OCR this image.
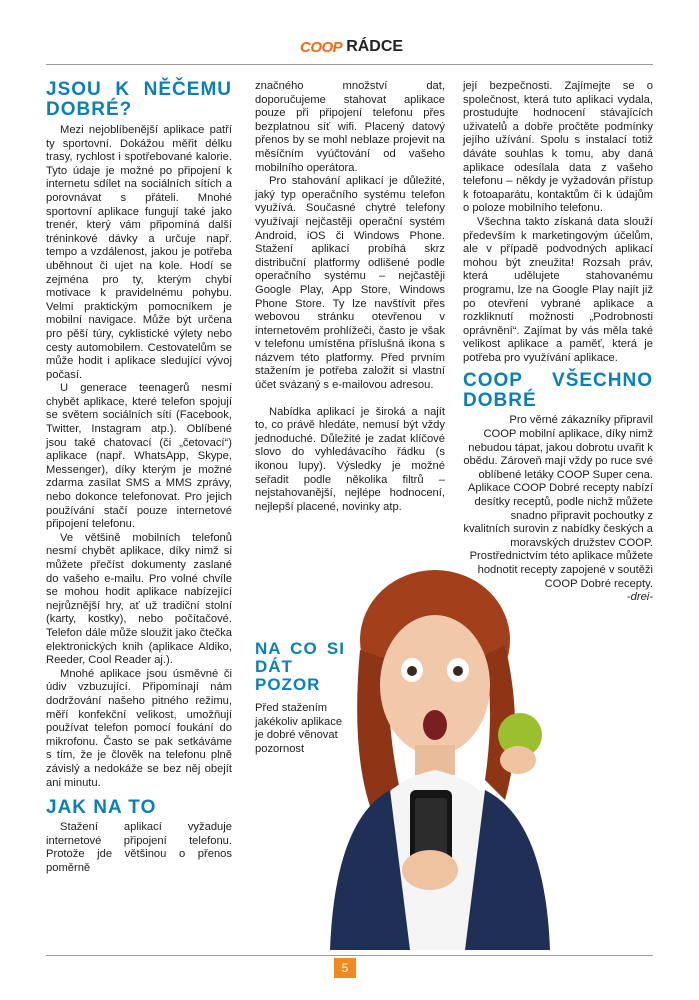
COOP RÁDCE
JSOU K NĚČEMU DOBRÉ?

Mezi nejoblíbenější aplikace patří ty sportovní. Dokážou měřit délku trasy, rychlost i spotřebované kalorie. Tyto údaje je možné po připojení k internetu sdílet na sociálních sítích a porovnávat s přáteli. Mnohé sportovní aplikace fungují také jako trenér, který vám připomíná další tréninkové dávky a určuje např. tempo a vzdálenost, jakou je potřeba uběhnout či ujet na kole. Hodí se zejména pro ty, kterým chybí motivace k pravidelnému pohybu. Velmi praktickým pomocníkem je mobilní navigace. Může být určena pro pěší túry, cyklistické výlety nebo cesty automobilem. Cestovatelům se může hodit i aplikace sledující vývoj počasí.

U generace teenagerů nesmí chybět aplikace, které telefon spojují se světem sociálních sítí (Facebook, Twitter, Instagram atp.). Oblíbené jsou také chatovací (či „četovací“) aplikace (např. WhatsApp, Skype, Messenger), díky kterým je možné zdarma zasílat SMS a MMS zprávy, nebo dokonce telefonovat. Pro jejich používání stačí pouze internetové připojení telefonu.

Ve většině mobilních telefonů nesmí chybět aplikace, díky nimž si můžete přečíst dokumenty zaslané do vašeho e-mailu. Pro volné chvíle se mohou hodit aplikace nabízející nejrůznější hry, ať už tradiční stolní (karty, kostky), nebo počítačové. Telefon dále může sloužit jako čtečka elektronických knih (aplikace Aldiko, Reeder, Cool Reader aj.).

Mnohé aplikace jsou úsměvné či údiv vzbuzující. Připomínají nám dodržování našeho pitného režimu, měří konfekční velikost, umožňují používat telefon pomocí foukání do mikrofonu. Často se pak setkáváme s tím, že je člověk na telefonu plně závislý a nedokáže se bez něj obejít ani minutu.

JAK NA TO

Stažení aplikací vyžaduje internetové připojení telefonu. Protože jde většinou o přenos poměrně

značného množství dat, doporučujeme stahovat aplikace pouze při připojení telefonu přes bezplatnou síť wifi. Placený datový přenos by se mohl neblaze projevit na měsíčním vyúčtování od vašeho mobilního operátora.

Pro stahování aplikací je důležité, jaký typ operačního systému telefon využívá. Současné chytré telefony využívají nejčastěji operační systém Android, iOS či Windows Phone. Stažení aplikací probíhá skrz distribuční platformy odlišené podle operačního systému – nejčastěji Google Play, App Store, Windows Phone Store. Ty lze navštívit přes webovou stránku otevřenou v internetovém prohlížeči, často je však v telefonu umístěna příslušná ikona s názvem této platformy. Před prvním stažením je potřeba založit si vlastní účet svázaný s e-mailovou adresou.

Nabídka aplikací je široká a najít to, co právě hledáte, nemusí být vždy jednoduché. Důležité je zadat klíčové slovo do vyhledávacího řádku (s ikonou lupy). Výsledky je možné seřadit podle několika filtrů – nejstahovanější, nejlépe hodnocení, nejlepší placené, novinky atp.

NA CO SI DÁT POZOR

Před stažením jakékoliv aplikace je dobré věnovat pozornost

její bezpečnosti. Zajímejte se o společnost, která tuto aplikaci vydala, prostudujte hodnocení stávajících uživatelů a dobře pročtěte podmínky jejího užívání. Spolu s instalací totiž dáváte souhlas k tomu, aby daná aplikace odesílala data z vašeho telefonu – někdy je vyžadován přístup k fotoaparátu, kontaktům či k údajům o poloze mobilního telefonu.

Všechna takto získaná data slouží především k marketingovým účelům, ale v případě podvodných aplikací mohou být zneužita! Rozsah práv, která udělujete stahovanému programu, lze na Google Play najít již po otevření vybrané aplikace a rozkliknutí možnosti „Podrobnosti oprávnění“. Zajímat by vás měla také velikost aplikace a paměť, která je potřeba pro využívání aplikace.

COOP VŠECHNO DOBRÉ

Pro věrné zákazníky připravil COOP mobilní aplikace, díky nimž nebudou tápat, jakou dobrotu uvařit k obědu. Zároveň mají vždy po ruce své oblíbené letáky COOP Super cena. Aplikace COOP Dobré recepty nabízí desítky receptů, podle nichž můžete snadno připravit pochoutky z kvalitních surovin z nabídky českých a moravských družstev COOP. Prostřednictvím této aplikace můžete hodnotit recepty zapojené v soutěži COOP Dobré recepty.

-drei-
5
